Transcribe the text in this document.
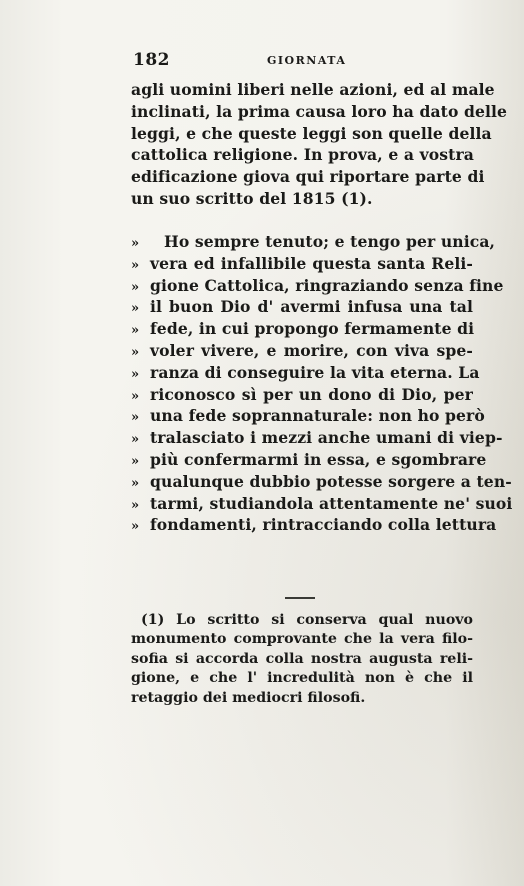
182	GIORNATA
agli uomini liberi nelle azioni, ed al male
inclinati, la prima causa loro ha dato delle
leggi, e che queste leggi son quelle della
cattolica religione. In prova, e a vostra
edificazione giova qui riportare parte di
un suo scritto del 1815 (1).
»	Ho sempre tenuto; e tengo per unica,
» vera ed infallibile questa santa Reli-
» gione Cattolica, ringraziando senza fine
» il buon Dio d' avermi infusa una tal
» fede, in cui propongo fermamente di
» voler vivere, e morire, con viva spe-
» ranza di conseguire la vita eterna. La
» riconosco sì per un dono di Dio, per
» una fede soprannaturale: non ho però
» tralasciato i mezzi anche umani di viep-
» più confermarmi in essa, e sgombrare
» qualunque dubbio potesse sorgere a ten-
» tarmi, studiandola attentamente ne' suoi
» fondamenti, rintracciando colla lettura
(1) Lo scritto si conserva qual nuovo
monumento comprovante che la vera filo-
sofia si accorda colla nostra augusta reli-
gione, e che l' incredulità non è che il
retaggio dei mediocri filosofi.
